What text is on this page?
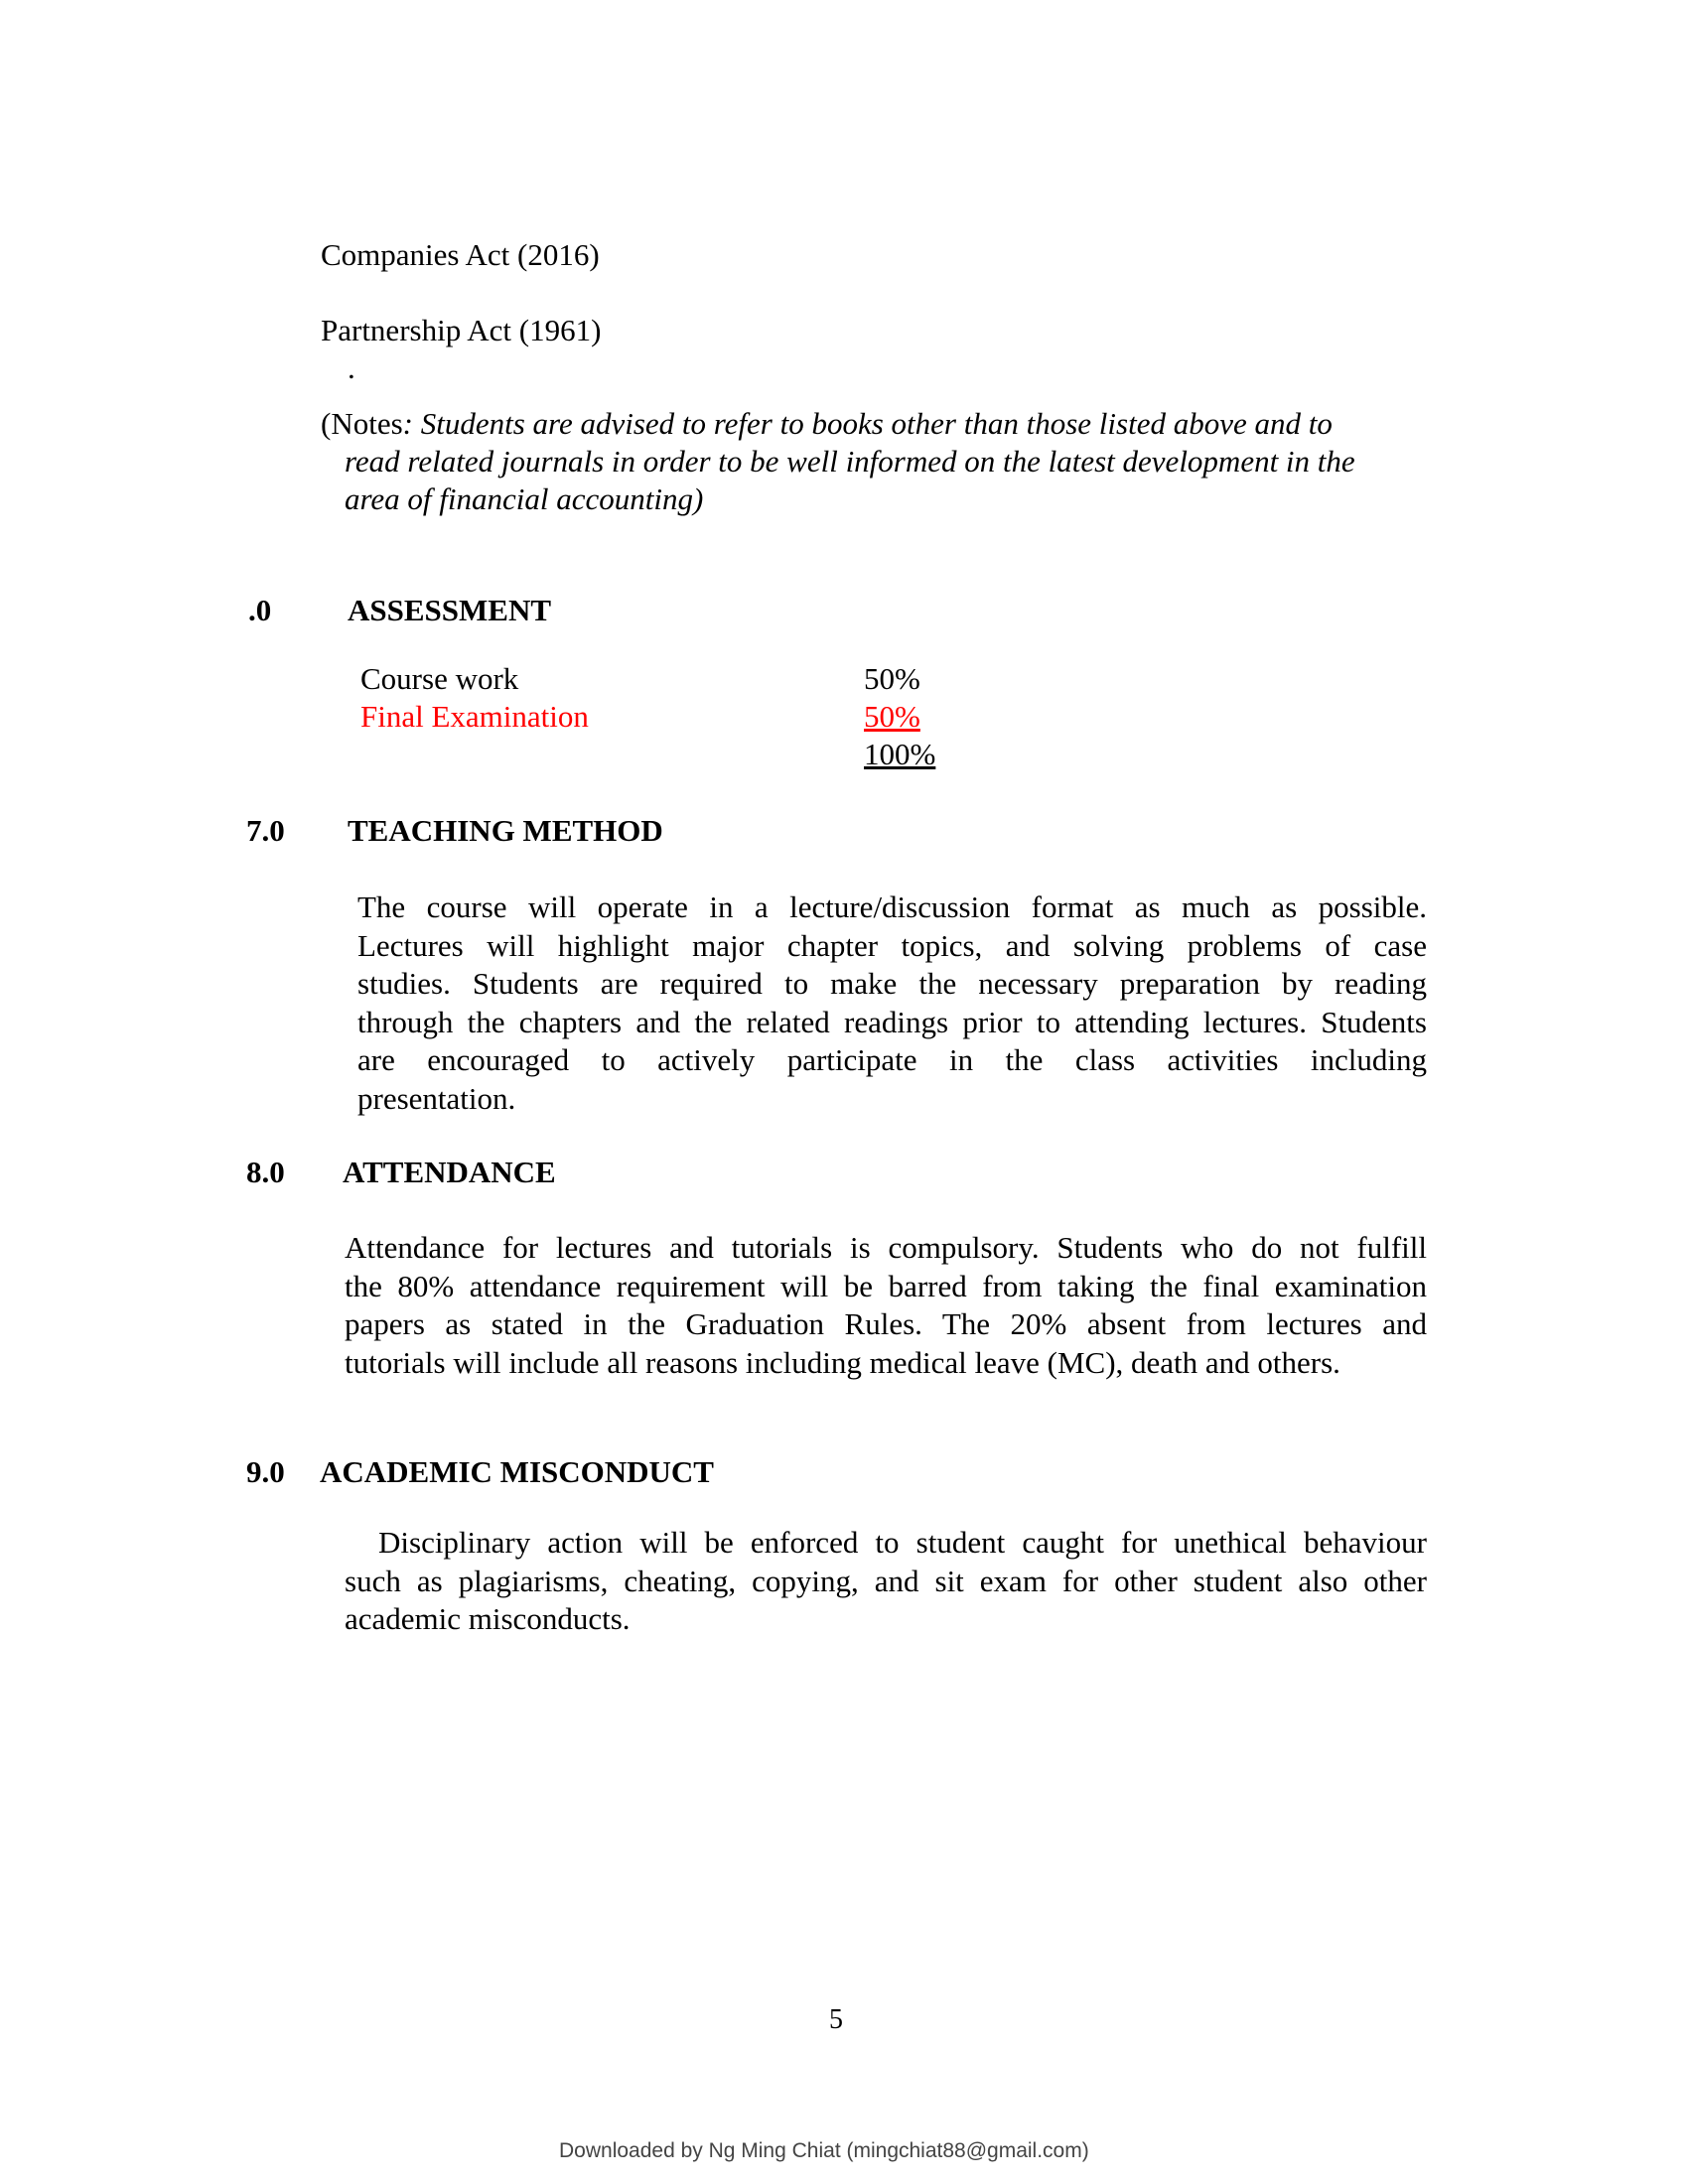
Companies Act (2016)
Partnership Act (1961)
.
(Notes: Students are advised to refer to books other than those listed above and to
read related journals in order to be well informed on the latest development in the
area of financial accounting)
.0 ASSESSMENT
Course work	50%
Final Examination	50%
100%
7.0 TEACHING METHOD
The course will operate in a lecture/discussion format as much as possible.
Lectures will highlight major chapter topics, and solving problems of case
studies. Students are required to make the necessary preparation by reading
through the chapters and the related readings prior to attending lectures. Students
are encouraged to actively participate in the class activities including
presentation.
8.0 ATTENDANCE
Attendance for lectures and tutorials is compulsory. Students who do not fulfill
the 80% attendance requirement will be barred from taking the final examination
papers as stated in the Graduation Rules. The 20% absent from lectures and
tutorials will include all reasons including medical leave (MC), death and others.
9.0 ACADEMIC MISCONDUCT
Disciplinary action will be enforced to student caught for unethical behaviour
such as plagiarisms, cheating, copying, and sit exam for other student also other
academic misconducts.
5
Downloaded by Ng Ming Chiat (mingchiat88@gmail.com)
